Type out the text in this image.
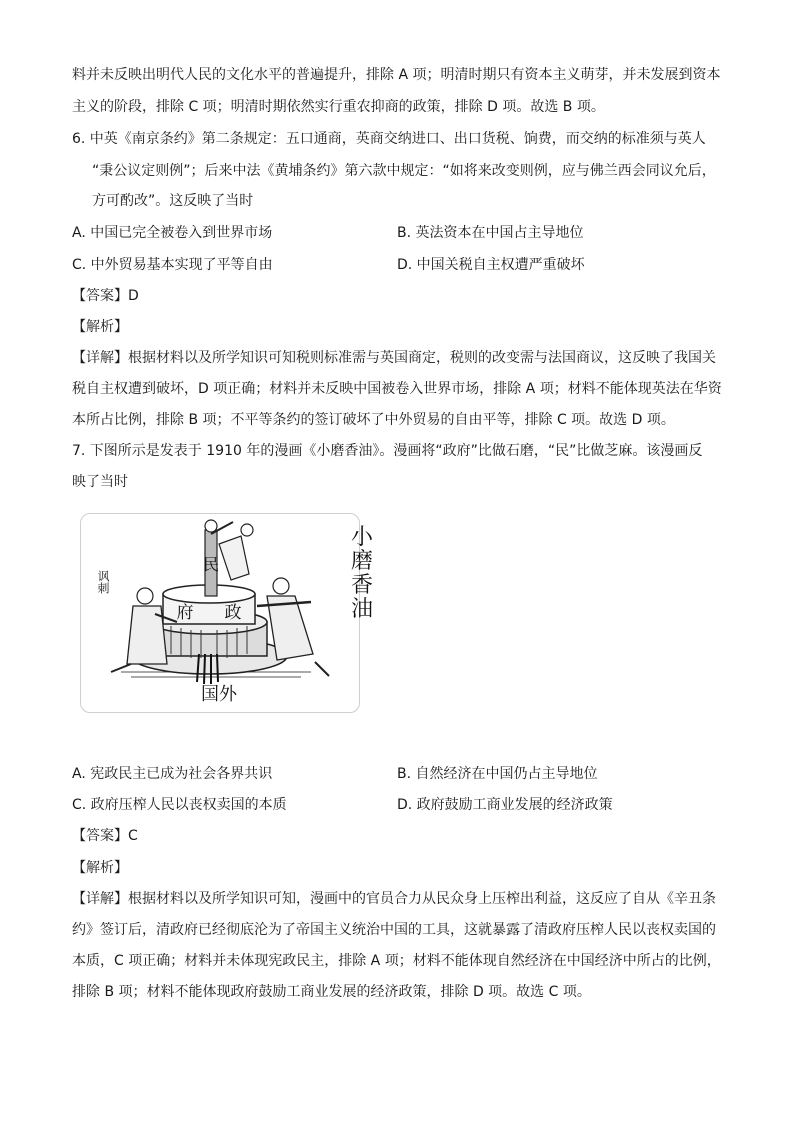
料并未反映出明代人民的文化水平的普遍提升，排除 A 项；明清时期只有资本主义萌芽，并未发展到资本
主义的阶段，排除 C 项；明清时期依然实行重农抑商的政策，排除 D 项。故选 B 项。
6. 中英《南京条约》第二条规定：五口通商，英商交纳进口、出口货税、饷费，而交纳的标准须与英人
“秉公议定则例”；后来中法《黄埔条约》第六款中规定：“如将来改变则例，应与佛兰西会同议允后，
方可酌改”。这反映了当时
A. 中国已完全被卷入到世界市场	B. 英法资本在中国占主导地位
C. 中外贸易基本实现了平等自由	D. 中国关税自主权遭严重破坏
【答案】D
【解析】
【详解】根据材料以及所学知识可知税则标准需与英国商定，税则的改变需与法国商议，这反映了我国关
税自主权遭到破坏，D 项正确；材料并未反映中国被卷入世界市场，排除 A 项；材料不能体现英法在华资
本所占比例，排除 B 项；不平等条约的签订破坏了中外贸易的自由平等，排除 C 项。故选 D 项。
7. 下图所示是发表于 1910 年的漫画《小磨香油》。漫画将“政府”比做石磨，“民”比做芝麻。该漫画反
映了当时
小
磨
香
油
民
府 政
国外
讽刺
A. 宪政民主已成为社会各界共识	B. 自然经济在中国仍占主导地位
C. 政府压榨人民以丧权卖国的本质	D. 政府鼓励工商业发展的经济政策
【答案】C
【解析】
【详解】根据材料以及所学知识可知，漫画中的官员合力从民众身上压榨出利益，这反应了自从《辛丑条
约》签订后，清政府已经彻底沦为了帝国主义统治中国的工具，这就暴露了清政府压榨人民以丧权卖国的
本质，C 项正确；材料并未体现宪政民主，排除 A 项；材料不能体现自然经济在中国经济中所占的比例，
排除 B 项；材料不能体现政府鼓励工商业发展的经济政策，排除 D 项。故选 C 项。
